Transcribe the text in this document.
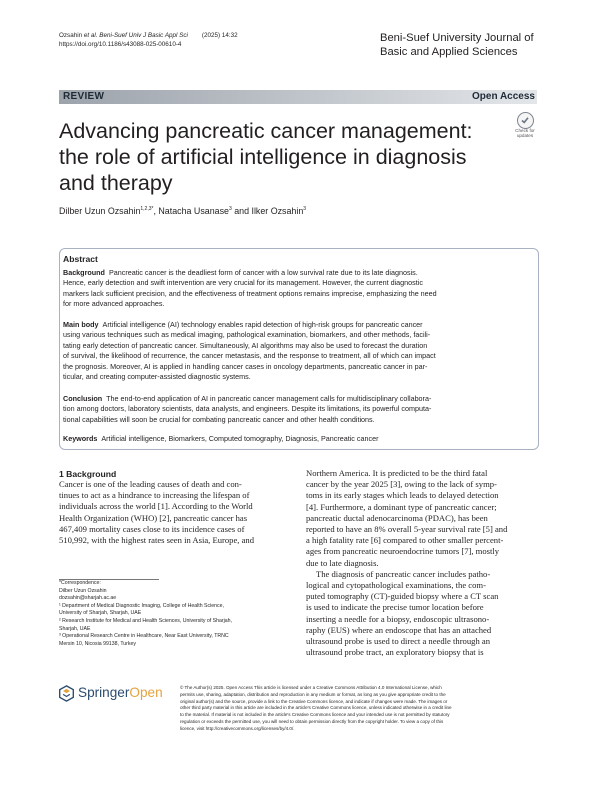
Ozsahin et al. Beni-Suef Univ J Basic Appl Sci (2025) 14:32
https://doi.org/10.1186/s43088-025-00610-4
Beni-Suef University Journal of
Basic and Applied Sciences
REVIEW	Open Access
Advancing pancreatic cancer management:
the role of artificial intelligence in diagnosis
and therapy
Check for
updates
Dilber Uzun Ozsahin$^{1,2,3*}$, Natacha Usanase$^3$ and Ilker Ozsahin$^3$
Abstract
Background Pancreatic cancer is the deadliest form of cancer with a low survival rate due to its late diagnosis.
Hence, early detection and swift intervention are very crucial for its management. However, the current diagnostic
markers lack sufficient precision, and the effectiveness of treatment options remains imprecise, emphasizing the need
for more advanced approaches.
Main body Artificial intelligence (AI) technology enables rapid detection of high-risk groups for pancreatic cancer
using various techniques such as medical imaging, pathological examination, biomarkers, and other methods, facili-
tating early detection of pancreatic cancer. Simultaneously, AI algorithms may also be used to forecast the duration
of survival, the likelihood of recurrence, the cancer metastasis, and the response to treatment, all of which can impact
the prognosis. Moreover, AI is applied in handling cancer cases in oncology departments, pancreatic cancer in par-
ticular, and creating computer-assisted diagnostic systems.
Conclusion The end-to-end application of AI in pancreatic cancer management calls for multidisciplinary collabora-
tion among doctors, laboratory scientists, data analysts, and engineers. Despite its limitations, its powerful computa-
tional capabilities will soon be crucial for combating pancreatic cancer and other health conditions.
Keywords Artificial intelligence, Biomarkers, Computed tomography, Diagnosis, Pancreatic cancer
1 Background
Cancer is one of the leading causes of death and con-
tinues to act as a hindrance to increasing the lifespan of
individuals across the world [1]. According to the World
Health Organization (WHO) [2], pancreatic cancer has
467,409 mortality cases close to its incidence cases of
510,992, with the highest rates seen in Asia, Europe, and
Northern America. It is predicted to be the third fatal
cancer by the year 2025 [3], owing to the lack of symp-
toms in its early stages which leads to delayed detection
[4]. Furthermore, a dominant type of pancreatic cancer;
pancreatic ductal adenocarcinoma (PDAC), has been
reported to have an 8% overall 5-year survival rate [5] and
a high fatality rate [6] compared to other smaller percent-
ages from pancreatic neuroendocrine tumors [7], mostly
due to late diagnosis.
The diagnosis of pancreatic cancer includes patho-
logical and cytopathological examinations, the com-
puted tomography (CT)-guided biopsy where a CT scan
is used to indicate the precise tumor location before
inserting a needle for a biopsy, endoscopic ultrasono-
raphy (EUS) where an endoscope that has an attached
ultrasound probe is used to direct a needle through an
ultrasound probe tract, an exploratory biopsy that is
*Correspondence:
Dilber Uzun Ozsahin
dozsahin@sharjah.ac.ae
¹ Department of Medical Diagnostic Imaging, College of Health Science,
University of Sharjah, Sharjah, UAE
² Research Institute for Medical and Health Sciences, University of Sharjah,
Sharjah, UAE
³ Operational Research Centre in Healthcare, Near East University, TRNC
Mersin 10, Nicosia 99138, Turkey
SpringerOpen	© The Author(s) 2025. Open Access This article is licensed under a Creative Commons Attribution 4.0 International License, which
permits use, sharing, adaptation, distribution and reproduction in any medium or format, as long as you give appropriate credit to the
original author(s) and the source, provide a link to the Creative Commons licence, and indicate if changes were made. The images or
other third party material in this article are included in the article's Creative Commons licence, unless indicated otherwise in a credit line
to the material. If material is not included in the article's Creative Commons licence and your intended use is not permitted by statutory
regulation or exceeds the permitted use, you will need to obtain permission directly from the copyright holder. To view a copy of this
licence, visit http://creativecommons.org/licenses/by/4.0/.
